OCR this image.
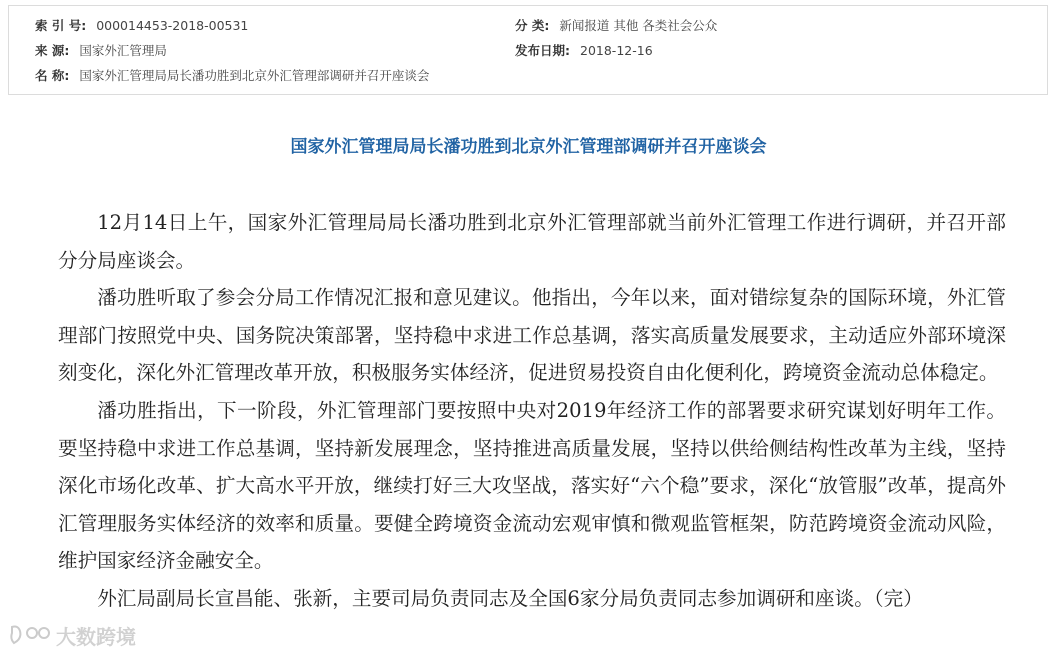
索 引 号: 000014453-2018-00531
来 源: 国家外汇管理局
名 称: 国家外汇管理局局长潘功胜到北京外汇管理部调研并召开座谈会
分 类: 新闻报道 其他 各类社会公众
发布日期: 2018-12-16
国家外汇管理局局长潘功胜到北京外汇管理部调研并召开座谈会

12月14日上午，国家外汇管理局局长潘功胜到北京外汇管理部就当前外汇管理工作进行调研，并召开部分分局座谈会。

潘功胜听取了参会分局工作情况汇报和意见建议。他指出，今年以来，面对错综复杂的国际环境，外汇管理部门按照党中央、国务院决策部署，坚持稳中求进工作总基调，落实高质量发展要求，主动适应外部环境深刻变化，深化外汇管理改革开放，积极服务实体经济，促进贸易投资自由化便利化，跨境资金流动总体稳定。

潘功胜指出，下一阶段，外汇管理部门要按照中央对2019年经济工作的部署要求研究谋划好明年工作。要坚持稳中求进工作总基调，坚持新发展理念，坚持推进高质量发展，坚持以供给侧结构性改革为主线，坚持深化市场化改革、扩大高水平开放，继续打好三大攻坚战，落实好“六个稳”要求，深化“放管服”改革，提高外汇管理服务实体经济的效率和质量。要健全跨境资金流动宏观审慎和微观监管框架，防范跨境资金流动风险，维护国家经济金融安全。

外汇局副局长宣昌能、张新，主要司局负责同志及全国6家分局负责同志参加调研和座谈。（完）

大数跨境
